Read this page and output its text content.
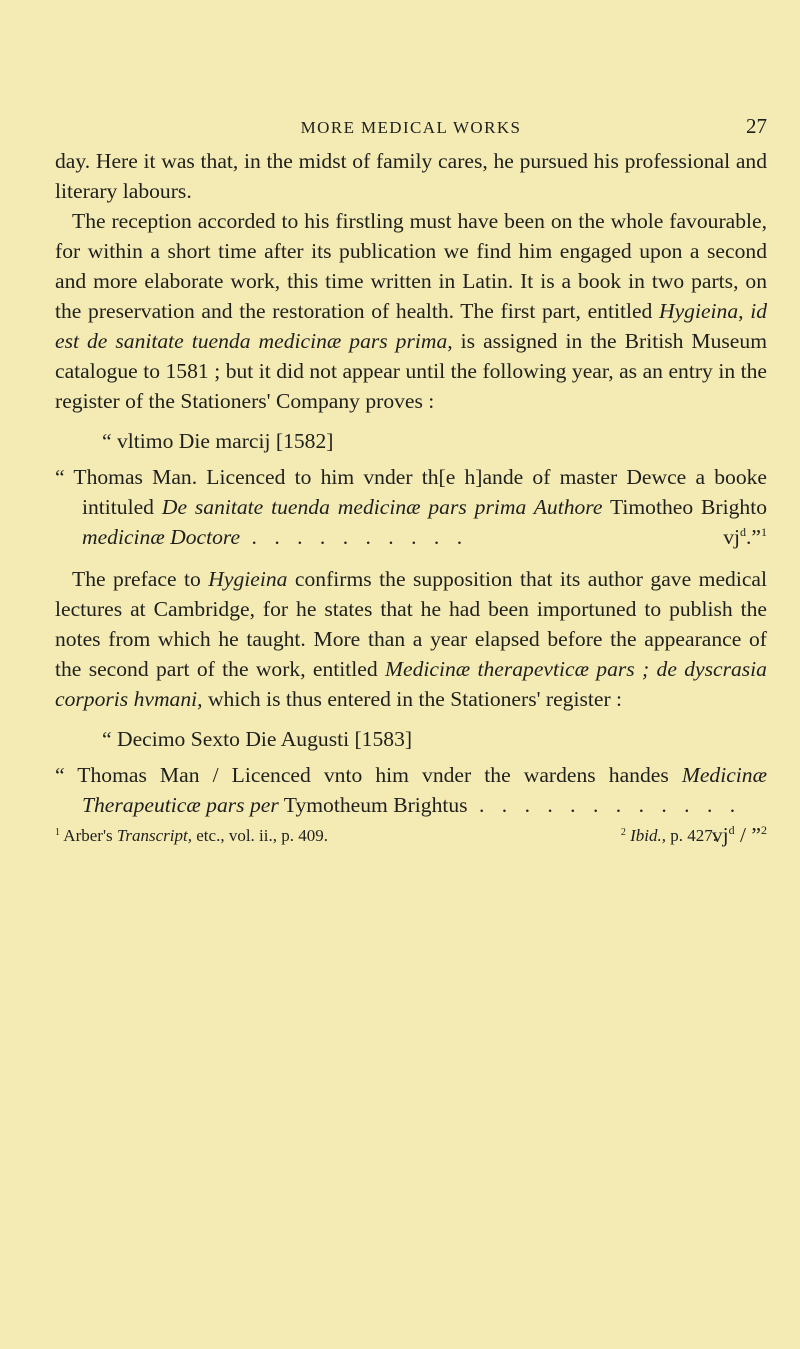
MORE MEDICAL WORKS	27

day. Here it was that, in the midst of family cares, he pursued his professional and literary labours.

The reception accorded to his firstling must have been on the whole favourable, for within a short time after its publication we find him engaged upon a second and more elaborate work, this time written in Latin. It is a book in two parts, on the preservation and the restoration of health. The first part, entitled Hygieina, id est de sanitate tuenda medicinæ pars prima, is assigned in the British Museum catalogue to 1581 ; but it did not appear until the following year, as an entry in the register of the Stationers' Company proves :

“ vltimo Die marcij [1582]

“ Thomas Man. Licenced to him vnder th[e h]ande of master Dewce a booke intituled De sanitate tuenda medicinæ pars prima Authore Timotheo Brighto medicinæ Doctore . . . . . . . . . .	$vj^d.”^1$

The preface to Hygieina confirms the supposition that its author gave medical lectures at Cambridge, for he states that he had been importuned to publish the notes from which he taught. More than a year elapsed before the appearance of the second part of the work, entitled Medicinæ therapevticæ pars ; de dyscrasia corporis hvmani, which is thus entered in the Stationers' register :

“ Decimo Sexto Die Augusti [1583]

“ Thomas Man / Licenced vnto him vnder the wardens handes Medicinæ Therapeuticæ pars per Tymotheum Brightus . . . . . . . . . . . .
$vj^d$ / ”$^2$

$^1$ Arber's Transcript, etc., vol. ii., p. 409.	$^2$ Ibid., p. 427.
